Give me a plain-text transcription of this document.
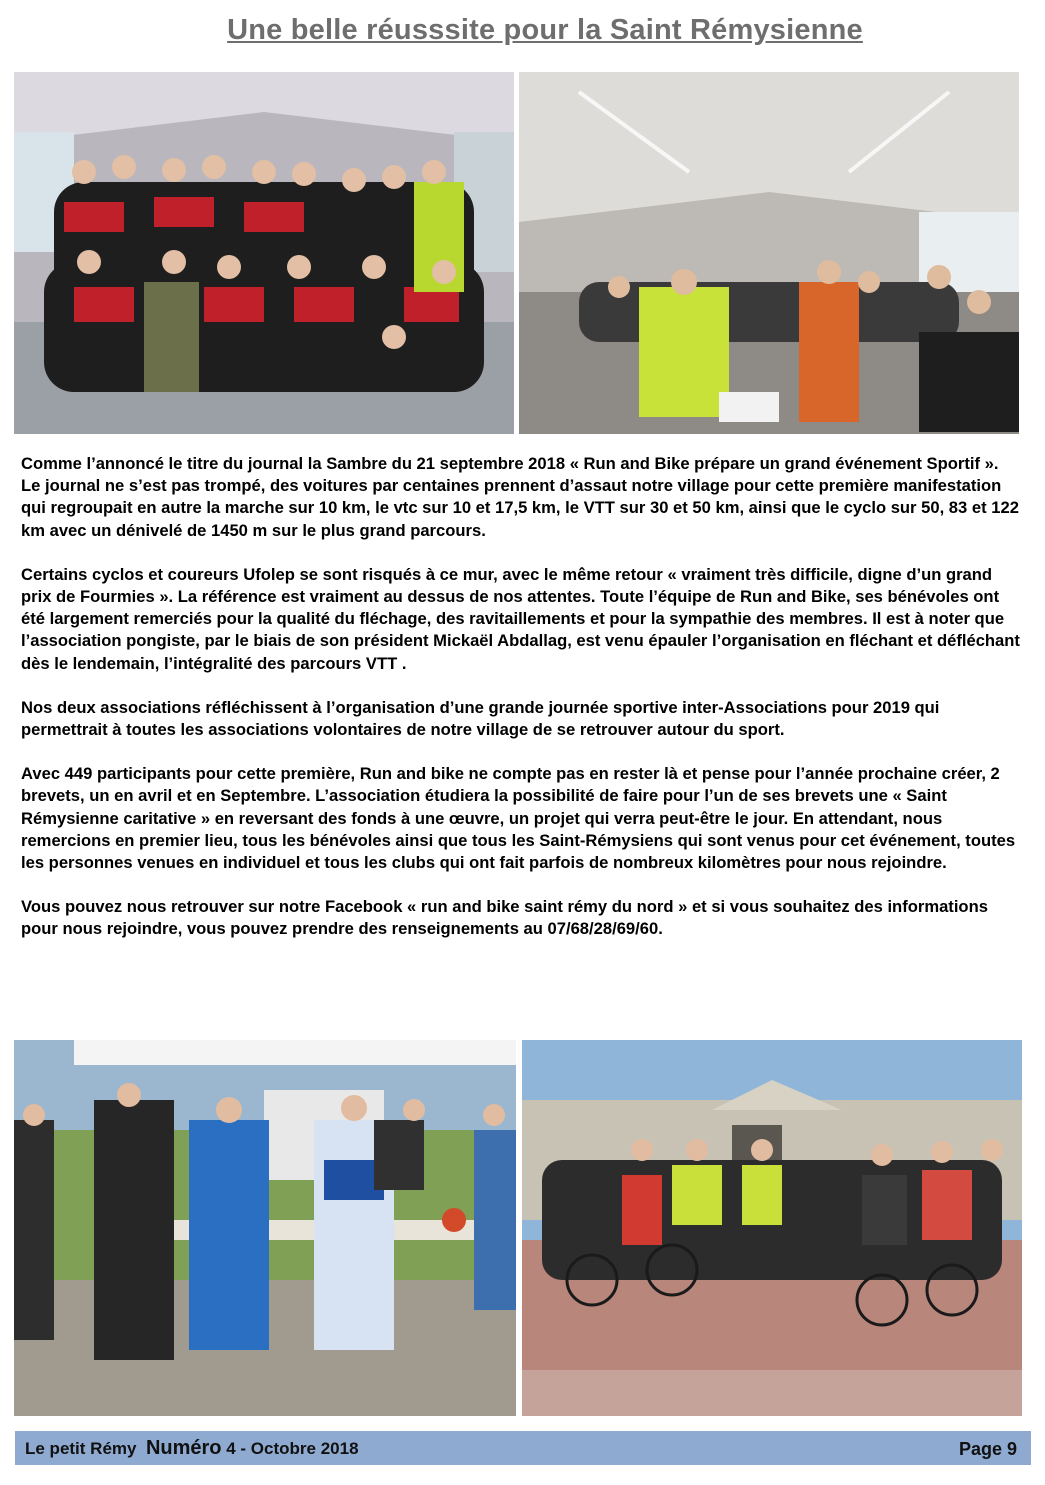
Une belle réusssite pour la Saint Rémysienne

Comme l’annoncé le titre du journal la Sambre du 21 septembre 2018 « Run and Bike prépare un grand événement Sportif ». Le journal ne s’est pas trompé, des voitures par centaines prennent d’assaut notre village pour cette première manifestation qui regroupait en autre la marche sur 10 km, le vtc sur 10 et 17,5 km, le VTT sur 30 et 50 km, ainsi que le cyclo sur 50, 83 et 122 km avec un dénivelé de 1450 m sur le plus grand parcours.

Certains cyclos et coureurs Ufolep se sont risqués à ce mur, avec le même retour « vraiment très difficile, digne d’un grand prix de Fourmies ». La référence est vraiment au dessus de nos attentes. Toute l’équipe de Run and Bike, ses bénévoles ont été largement remerciés pour la qualité du fléchage, des ravitaillements et pour la sympathie des membres. Il est à noter que l’association pongiste, par le biais de son président Mickaël Abdallag, est venu épauler l’organisation en fléchant et défléchant dès le lendemain, l’intégralité des parcours VTT .

Nos deux associations réfléchissent à l’organisation d’une grande journée sportive inter-Associations pour 2019 qui permettrait à toutes les associations volontaires de notre village de se retrouver autour du sport.

Avec 449 participants pour cette première, Run and bike ne compte pas en rester là et pense pour l’année prochaine créer, 2 brevets, un en avril et en Septembre. L’association étudiera la possibilité de faire pour l’un de ses brevets une « Saint Rémysienne caritative » en reversant des fonds à une œuvre, un projet qui verra peut-être le jour. En attendant, nous remercions en premier lieu, tous les bénévoles ainsi que tous les Saint-Rémysiens qui sont venus pour cet événement, toutes les personnes venues en individuel et tous les clubs qui ont fait parfois de nombreux kilomètres pour nous rejoindre.

Vous pouvez nous retrouver sur notre Facebook « run and bike saint rémy du nord » et si vous souhaitez des informations pour nous rejoindre, vous pouvez prendre des renseignements au 07/68/28/69/60.

Le petit Rémy Numéro 4 - Octobre 2018	Page 9
